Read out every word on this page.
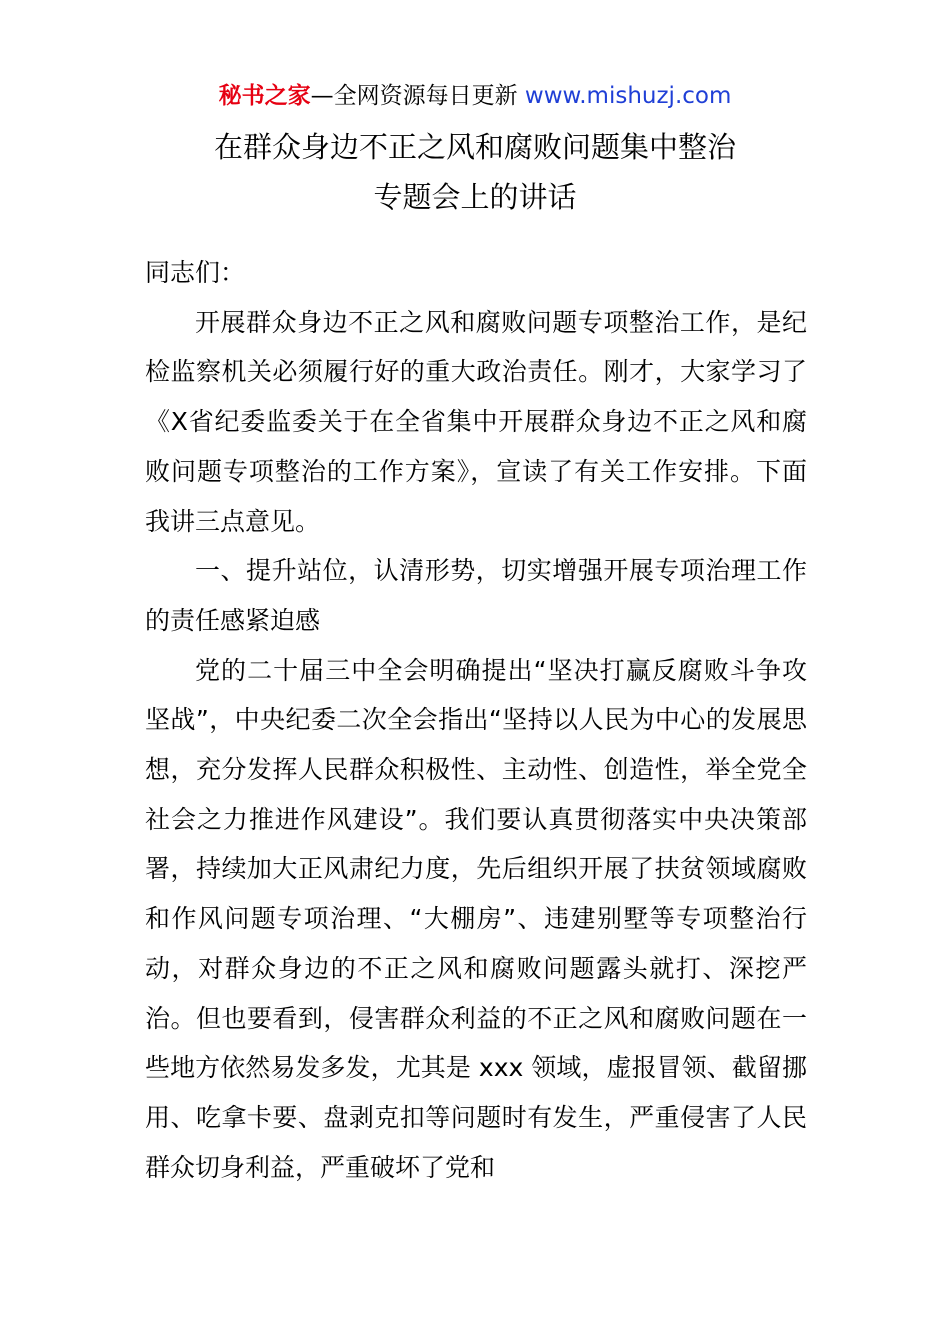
秘书之家—全网资源每日更新 www.mishuzj.com
在群众身边不正之风和腐败问题集中整治
专题会上的讲话

同志们：

开展群众身边不正之风和腐败问题专项整治工作，是纪检监察机关必须履行好的重大政治责任。刚才，大家学习了《X省纪委监委关于在全省集中开展群众身边不正之风和腐败问题专项整治的工作方案》，宣读了有关工作安排。下面我讲三点意见。

一、提升站位，认清形势，切实增强开展专项治理工作的责任感紧迫感

党的二十届三中全会明确提出“坚决打赢反腐败斗争攻坚战”，中央纪委二次全会指出“坚持以人民为中心的发展思想，充分发挥人民群众积极性、主动性、创造性，举全党全社会之力推进作风建设”。我们要认真贯彻落实中央决策部署，持续加大正风肃纪力度，先后组织开展了扶贫领域腐败和作风问题专项治理、“大棚房”、违建别墅等专项整治行动，对群众身边的不正之风和腐败问题露头就打、深挖严治。但也要看到，侵害群众利益的不正之风和腐败问题在一些地方依然易发多发，尤其是 xxx 领域，虚报冒领、截留挪用、吃拿卡要、盘剥克扣等问题时有发生，严重侵害了人民群众切身利益，严重破坏了党和
